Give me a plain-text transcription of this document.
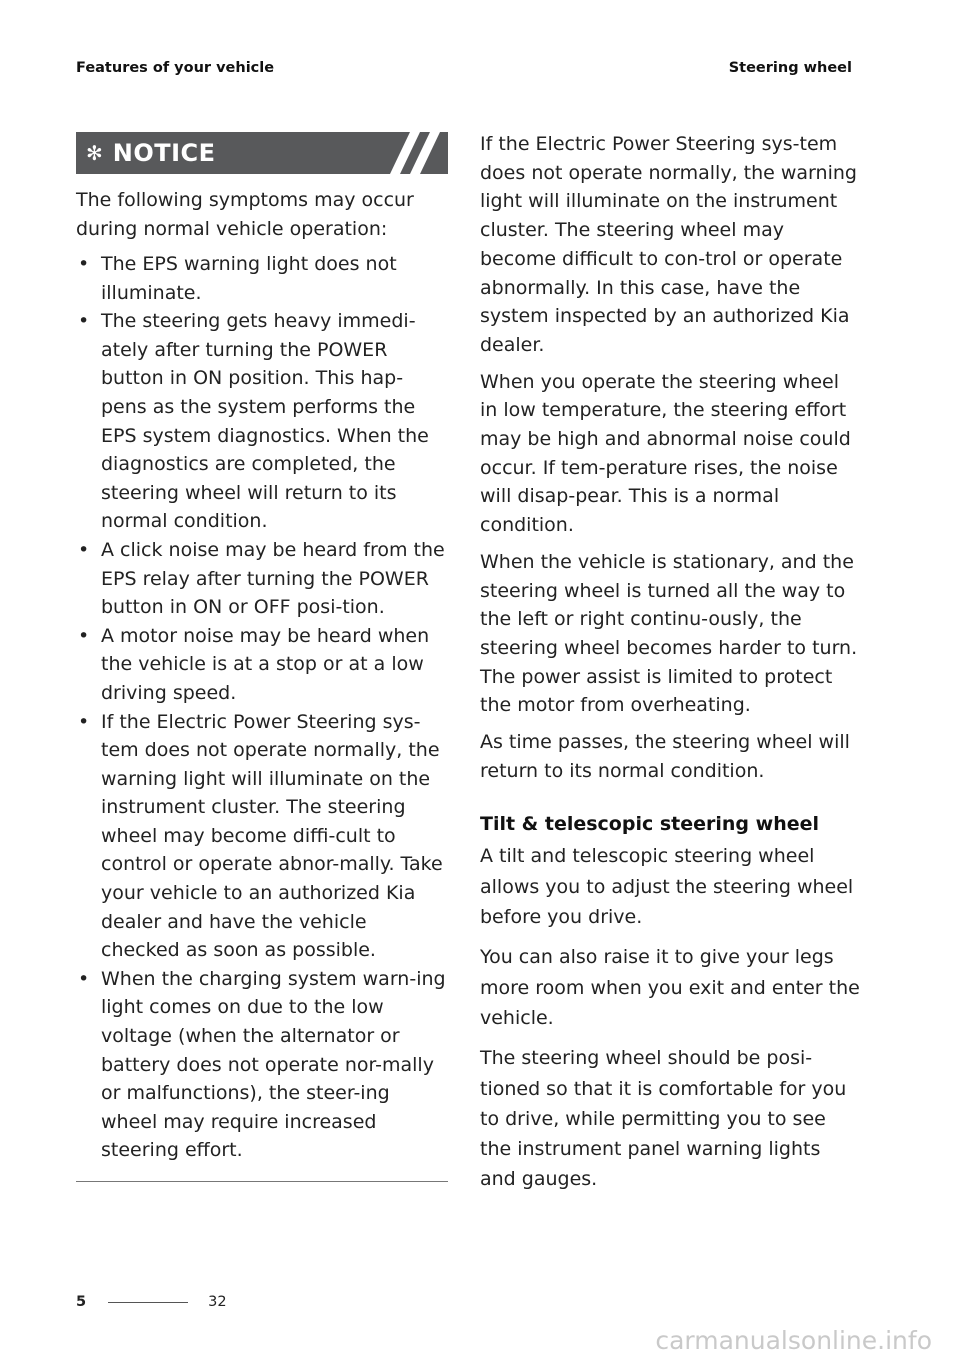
Features of your vehicle	Steering wheel
✻ NOTICE

The following symptoms may occur during normal vehicle operation:

• The EPS warning light does not illuminate.
• The steering gets heavy immedi-ately after turning the POWER button in ON position. This hap-pens as the system performs the EPS system diagnostics. When the diagnostics are completed, the steering wheel will return to its normal condition.
• A click noise may be heard from the EPS relay after turning the POWER button in ON or OFF posi-tion.
• A motor noise may be heard when the vehicle is at a stop or at a low driving speed.
• If the Electric Power Steering sys-tem does not operate normally, the warning light will illuminate on the instrument cluster. The steering wheel may become diffi-cult to control or operate abnor-mally. Take your vehicle to an authorized Kia dealer and have the vehicle checked as soon as possible.
• When the charging system warn-ing light comes on due to the low voltage (when the alternator or battery does not operate nor-mally or malfunctions), the steer-ing wheel may require increased steering effort.

If the Electric Power Steering sys-tem does not operate normally, the warning light will illuminate on the instrument cluster. The steering wheel may become difficult to con-trol or operate abnormally. In this case, have the system inspected by an authorized Kia dealer.

When you operate the steering wheel in low temperature, the steering effort may be high and abnormal noise could occur. If tem-perature rises, the noise will disap-pear. This is a normal condition.

When the vehicle is stationary, and the steering wheel is turned all the way to the left or right continu-ously, the steering wheel becomes harder to turn. The power assist is limited to protect the motor from overheating.

As time passes, the steering wheel will return to its normal condition.

Tilt & telescopic steering wheel

A tilt and telescopic steering wheel allows you to adjust the steering wheel before you drive.

You can also raise it to give your legs more room when you exit and enter the vehicle.

The steering wheel should be posi-tioned so that it is comfortable for you to drive, while permitting you to see the instrument panel warning lights and gauges.

5	32
carmanualsonline.info
